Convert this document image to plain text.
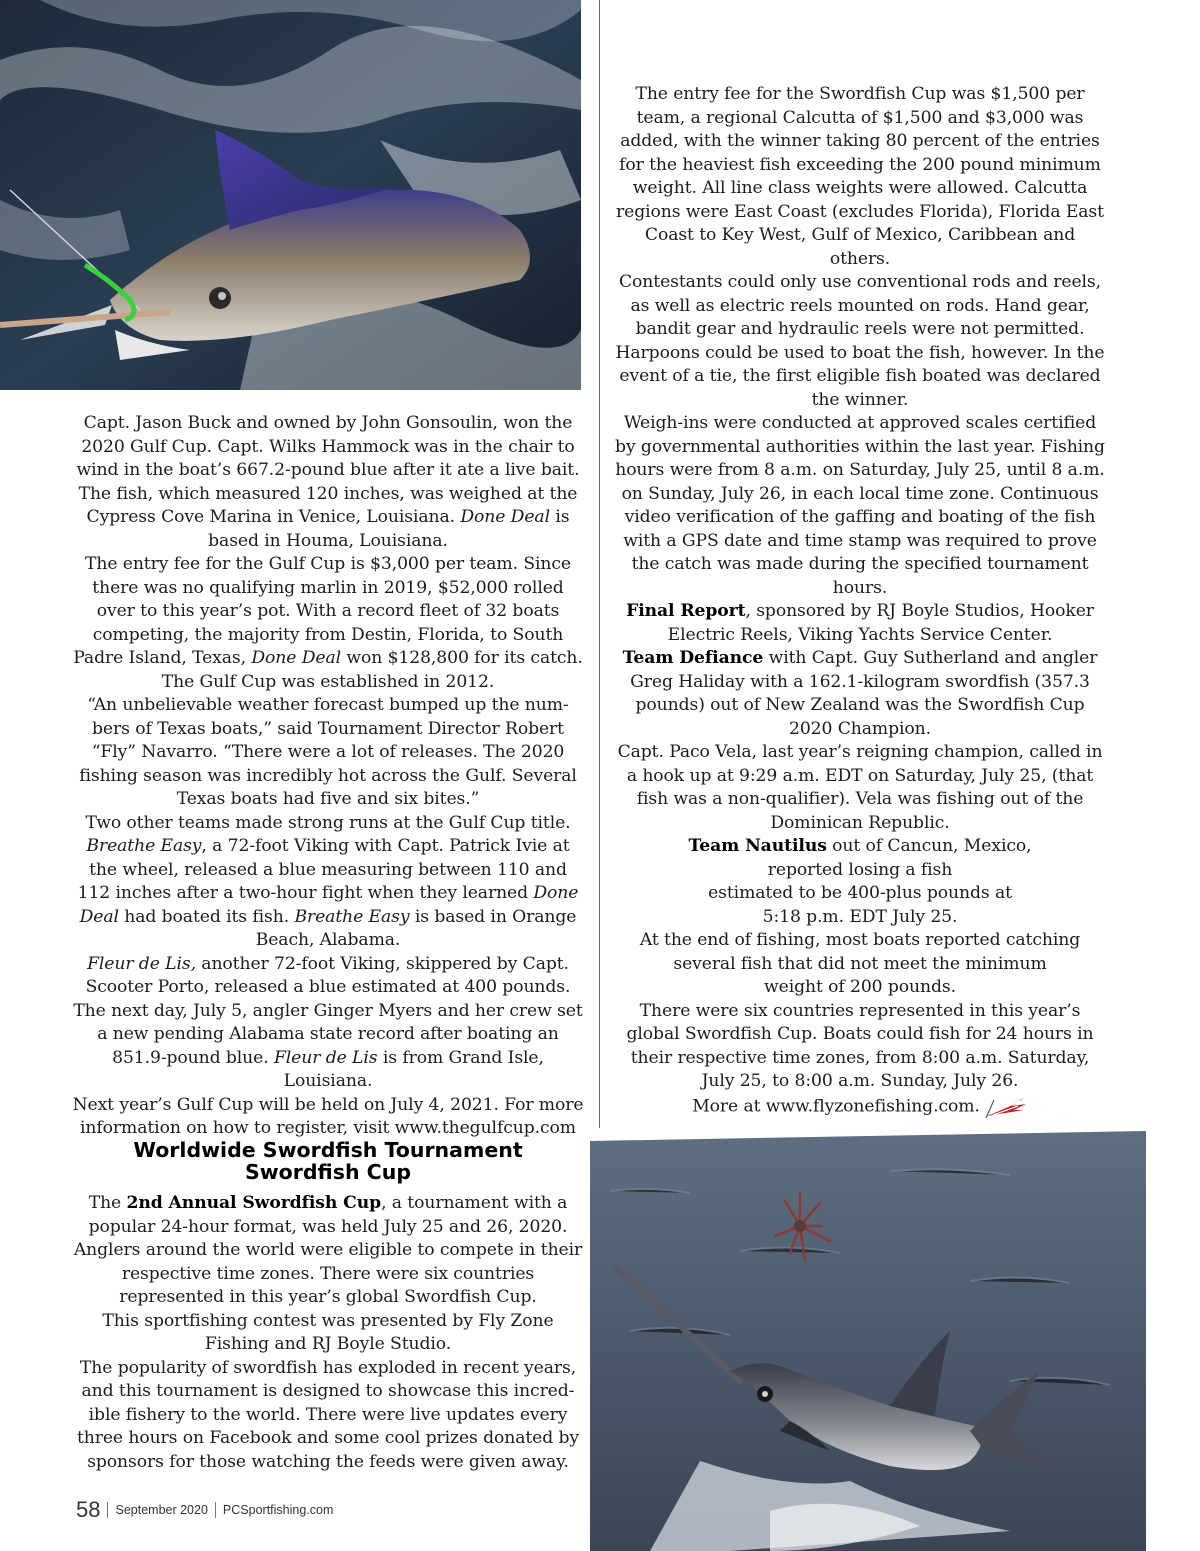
Capt. Jason Buck and owned by John Gonsoulin, won the 2020 Gulf Cup. Capt. Wilks Hammock was in the chair to wind in the boat’s 667.2-pound blue after it ate a live bait. The fish, which measured 120 inches, was weighed at the Cypress Cove Marina in Venice, Louisiana. Done Deal is based in Houma, Louisiana.

The entry fee for the Gulf Cup is $3,000 per team. Since there was no qualifying marlin in 2019, $52,000 rolled over to this year’s pot. With a record fleet of 32 boats competing, the majority from Destin, Florida, to South Padre Island, Texas, Done Deal won $128,800 for its catch. The Gulf Cup was established in 2012.

“An unbelievable weather forecast bumped up the numbers of Texas boats,” said Tournament Director Robert “Fly” Navarro. “There were a lot of releases. The 2020 fishing season was incredibly hot across the Gulf. Several Texas boats had five and six bites.”

Two other teams made strong runs at the Gulf Cup title. Breathe Easy, a 72-foot Viking with Capt. Patrick Ivie at the wheel, released a blue measuring between 110 and 112 inches after a two-hour fight when they learned Done Deal had boated its fish. Breathe Easy is based in Orange Beach, Alabama.

Fleur de Lis, another 72-foot Viking, skippered by Capt. Scooter Porto, released a blue estimated at 400 pounds. The next day, July 5, angler Ginger Myers and her crew set a new pending Alabama state record after boating an 851.9-pound blue. Fleur de Lis is from Grand Isle, Louisiana.

Next year’s Gulf Cup will be held on July 4, 2021. For more information on how to register, visit www.thegulfcup.com

Worldwide Swordfish Tournament
Swordfish Cup

The 2nd Annual Swordfish Cup, a tournament with a popular 24-hour format, was held July 25 and 26, 2020. Anglers around the world were eligible to compete in their respective time zones. There were six countries represented in this year’s global Swordfish Cup.

This sportfishing contest was presented by Fly Zone Fishing and RJ Boyle Studio.

The popularity of swordfish has exploded in recent years, and this tournament is designed to showcase this incredible fishery to the world. There were live updates every three hours on Facebook and some cool prizes donated by sponsors for those watching the feeds were given away.

The entry fee for the Swordfish Cup was $1,500 per team, a regional Calcutta of $1,500 and $3,000 was added, with the winner taking 80 percent of the entries for the heaviest fish exceeding the 200 pound minimum weight. All line class weights were allowed. Calcutta regions were East Coast (excludes Florida), Florida East Coast to Key West, Gulf of Mexico, Caribbean and others.

Contestants could only use conventional rods and reels, as well as electric reels mounted on rods. Hand gear, bandit gear and hydraulic reels were not permitted. Harpoons could be used to boat the fish, however. In the event of a tie, the first eligible fish boated was declared the winner.

Weigh-ins were conducted at approved scales certified by governmental authorities within the last year. Fishing hours were from 8 a.m. on Saturday, July 25, until 8 a.m. on Sunday, July 26, in each local time zone. Continuous video verification of the gaffing and boating of the fish with a GPS date and time stamp was required to prove the catch was made during the specified tournament hours.

Final Report, sponsored by RJ Boyle Studios, Hooker Electric Reels, Viking Yachts Service Center.

Team Defiance with Capt. Guy Sutherland and angler Greg Haliday with a 162.1-kilogram swordfish (357.3 pounds) out of New Zealand was the Swordfish Cup 2020 Champion.

Capt. Paco Vela, last year’s reigning champion, called in a hook up at 9:29 a.m. EDT on Saturday, July 25, (that fish was a non-qualifier). Vela was fishing out of the Dominican Republic.

Team Nautilus out of Cancun, Mexico,
reported losing a fish
estimated to be 400-plus pounds at
5:18 p.m. EDT July 25.

At the end of fishing, most boats reported catching
several fish that did not meet the minimum
weight of 200 pounds.

There were six countries represented in this year’s global Swordfish Cup. Boats could fish for 24 hours in their respective time zones, from 8:00 a.m. Saturday, July 25, to 8:00 a.m. Sunday, July 26.

More at www.flyzonefishing.com.

58 September 2020 PCSportfishing.com
